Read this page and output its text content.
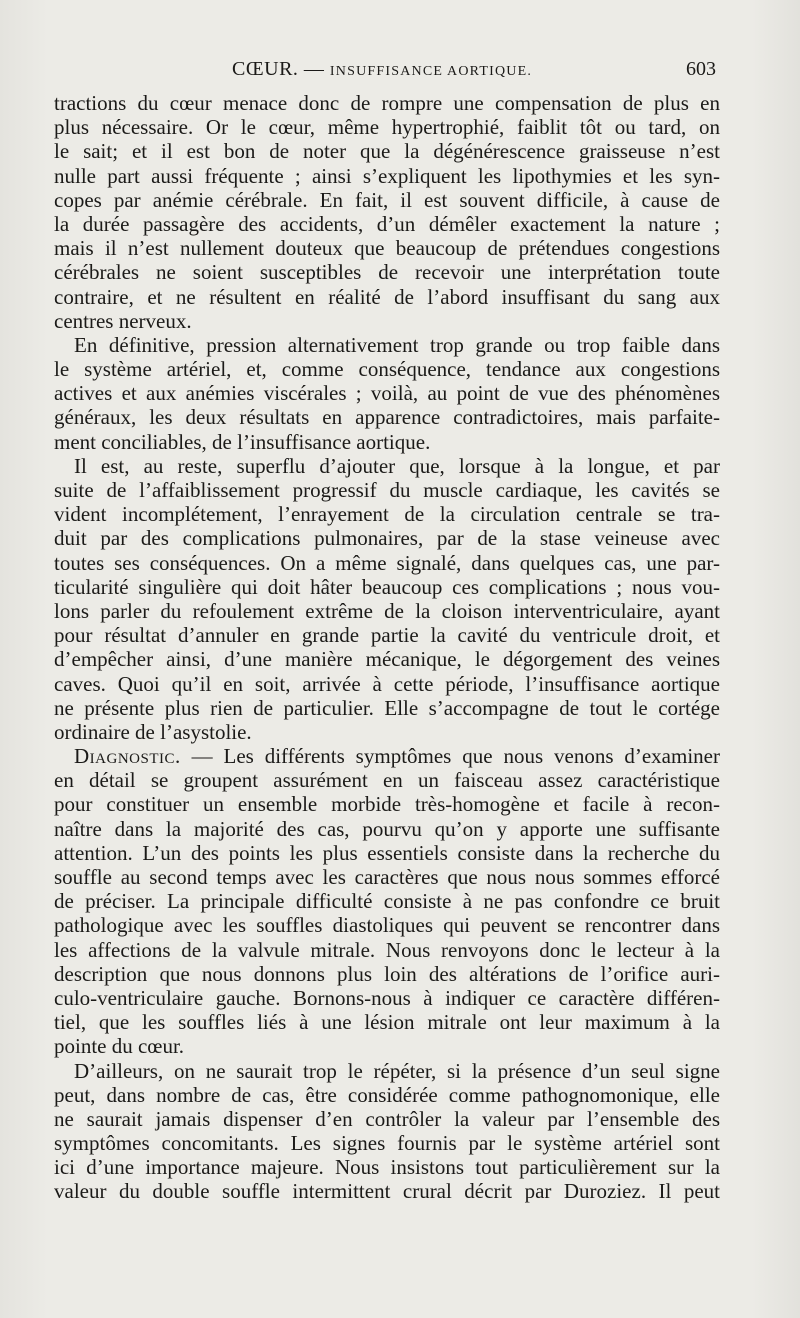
CŒUR. — INSUFFISANCE AORTIQUE.	603
tractions du cœur menace donc de rompre une compensation de plus en
plus nécessaire. Or le cœur, même hypertrophié, faiblit tôt ou tard, on
le sait; et il est bon de noter que la dégénérescence graisseuse n’est
nulle part aussi fréquente ; ainsi s’expliquent les lipothymies et les syn-
copes par anémie cérébrale. En fait, il est souvent difficile, à cause de
la durée passagère des accidents, d’un démêler exactement la nature ;
mais il n’est nullement douteux que beaucoup de prétendues congestions
cérébrales ne soient susceptibles de recevoir une interprétation toute
contraire, et ne résultent en réalité de l’abord insuffisant du sang aux
centres nerveux.
En définitive, pression alternativement trop grande ou trop faible dans
le système artériel, et, comme conséquence, tendance aux congestions
actives et aux anémies viscérales ; voilà, au point de vue des phénomènes
généraux, les deux résultats en apparence contradictoires, mais parfaite-
ment conciliables, de l’insuffisance aortique.
Il est, au reste, superflu d’ajouter que, lorsque à la longue, et par
suite de l’affaiblissement progressif du muscle cardiaque, les cavités se
vident incomplétement, l’enrayement de la circulation centrale se tra-
duit par des complications pulmonaires, par de la stase veineuse avec
toutes ses conséquences. On a même signalé, dans quelques cas, une par-
ticularité singulière qui doit hâter beaucoup ces complications ; nous vou-
lons parler du refoulement extrême de la cloison interventriculaire, ayant
pour résultat d’annuler en grande partie la cavité du ventricule droit, et
d’empêcher ainsi, d’une manière mécanique, le dégorgement des veines
caves. Quoi qu’il en soit, arrivée à cette période, l’insuffisance aortique
ne présente plus rien de particulier. Elle s’accompagne de tout le cortége
ordinaire de l’asystolie.
Diagnostic. — Les différents symptômes que nous venons d’examiner
en détail se groupent assurément en un faisceau assez caractéristique
pour constituer un ensemble morbide très-homogène et facile à recon-
naître dans la majorité des cas, pourvu qu’on y apporte une suffisante
attention. L’un des points les plus essentiels consiste dans la recherche du
souffle au second temps avec les caractères que nous nous sommes efforcé
de préciser. La principale difficulté consiste à ne pas confondre ce bruit
pathologique avec les souffles diastoliques qui peuvent se rencontrer dans
les affections de la valvule mitrale. Nous renvoyons donc le lecteur à la
description que nous donnons plus loin des altérations de l’orifice auri-
culo-ventriculaire gauche. Bornons-nous à indiquer ce caractère différen-
tiel, que les souffles liés à une lésion mitrale ont leur maximum à la
pointe du cœur.
D’ailleurs, on ne saurait trop le répéter, si la présence d’un seul signe
peut, dans nombre de cas, être considérée comme pathognomonique, elle
ne saurait jamais dispenser d’en contrôler la valeur par l’ensemble des
symptômes concomitants. Les signes fournis par le système artériel sont
ici d’une importance majeure. Nous insistons tout particulièrement sur la
valeur du double souffle intermittent crural décrit par Duroziez. Il peut
